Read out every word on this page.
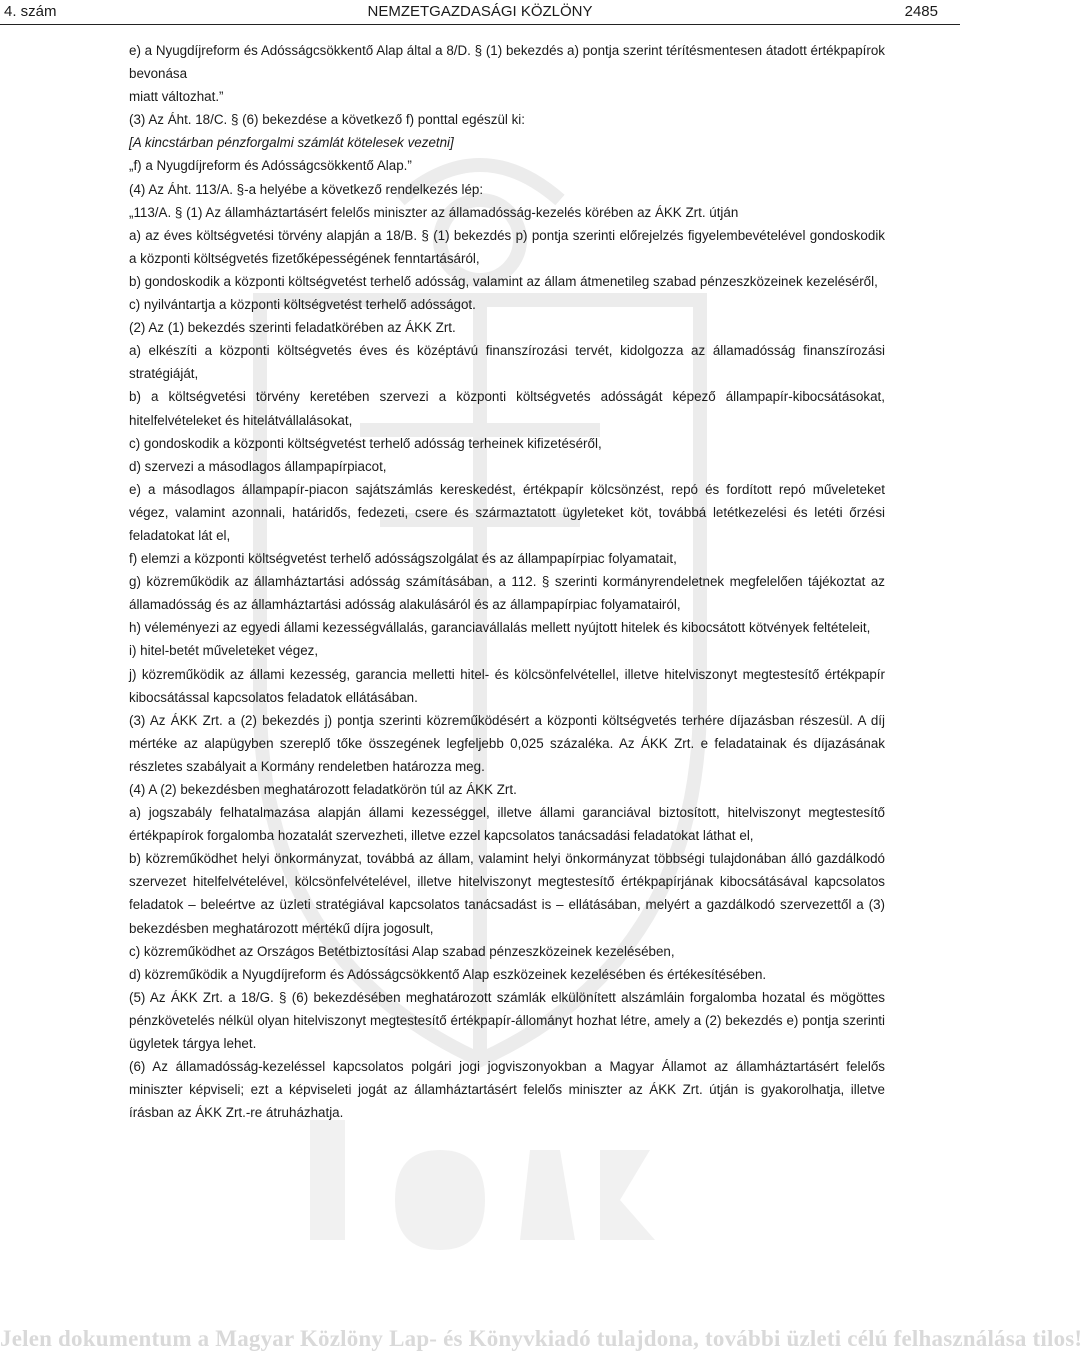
4. szám	NEMZETGAZDASÁGI KÖZLÖNY	2485

e) a Nyugdíjreform és Adósságcsökkentő Alap által a 8/D. § (1) bekezdés a) pontja szerint térítésmentesen átadott értékpapírok bevonása

miatt változhat.”

(3) Az Áht. 18/C. § (6) bekezdése a következő f) ponttal egészül ki:

[A kincstárban pénzforgalmi számlát kötelesek vezetni]

„f) a Nyugdíjreform és Adósságcsökkentő Alap.”

(4) Az Áht. 113/A. §-a helyébe a következő rendelkezés lép:

„113/A. § (1) Az államháztartásért felelős miniszter az államadósság-kezelés körében az ÁKK Zrt. útján

a) az éves költségvetési törvény alapján a 18/B. § (1) bekezdés p) pontja szerinti előrejelzés figyelembevételével gondoskodik a központi költségvetés fizetőképességének fenntartásáról,

b) gondoskodik a központi költségvetést terhelő adósság, valamint az állam átmenetileg szabad pénzeszközeinek kezeléséről,

c) nyilvántartja a központi költségvetést terhelő adósságot.

(2) Az (1) bekezdés szerinti feladatkörében az ÁKK Zrt.

a) elkészíti a központi költségvetés éves és középtávú finanszírozási tervét, kidolgozza az államadósság finanszírozási stratégiáját,

b) a költségvetési törvény keretében szervezi a központi költségvetés adósságát képező állampapír-kibocsátásokat, hitelfelvételeket és hitelátvállalásokat,

c) gondoskodik a központi költségvetést terhelő adósság terheinek kifizetéséről,

d) szervezi a másodlagos állampapírpiacot,

e) a másodlagos állampapír-piacon sajátszámlás kereskedést, értékpapír kölcsönzést, repó és fordított repó műveleteket végez, valamint azonnali, határidős, fedezeti, csere és származtatott ügyleteket köt, továbbá letétkezelési és letéti őrzési feladatokat lát el,

f) elemzi a központi költségvetést terhelő adósságszolgálat és az állampapírpiac folyamatait,

g) közreműködik az államháztartási adósság számításában, a 112. § szerinti kormányrendeletnek megfelelően tájékoztat az államadósság és az államháztartási adósság alakulásáról és az állampapírpiac folyamatairól,

h) véleményezi az egyedi állami kezességvállalás, garanciavállalás mellett nyújtott hitelek és kibocsátott kötvények feltételeit,

i) hitel-betét műveleteket végez,

j) közreműködik az állami kezesség, garancia melletti hitel- és kölcsönfelvétellel, illetve hitelviszonyt megtestesítő értékpapír kibocsátással kapcsolatos feladatok ellátásában.

(3) Az ÁKK Zrt. a (2) bekezdés j) pontja szerinti közreműködésért a központi költségvetés terhére díjazásban részesül. A díj mértéke az alapügyben szereplő tőke összegének legfeljebb 0,025 százaléka. Az ÁKK Zrt. e feladatainak és díjazásának részletes szabályait a Kormány rendeletben határozza meg.

(4) A (2) bekezdésben meghatározott feladatkörön túl az ÁKK Zrt.

a) jogszabály felhatalmazása alapján állami kezességgel, illetve állami garanciával biztosított, hitelviszonyt megtestesítő értékpapírok forgalomba hozatalát szervezheti, illetve ezzel kapcsolatos tanácsadási feladatokat láthat el,

b) közreműködhet helyi önkormányzat, továbbá az állam, valamint helyi önkormányzat többségi tulajdonában álló gazdálkodó szervezet hitelfelvételével, kölcsönfelvételével, illetve hitelviszonyt megtestesítő értékpapírjának kibocsátásával kapcsolatos feladatok – beleértve az üzleti stratégiával kapcsolatos tanácsadást is – ellátásában, melyért a gazdálkodó szervezettől a (3) bekezdésben meghatározott mértékű díjra jogosult,

c) közreműködhet az Országos Betétbiztosítási Alap szabad pénzeszközeinek kezelésében,

d) közreműködik a Nyugdíjreform és Adósságcsökkentő Alap eszközeinek kezelésében és értékesítésében.

(5) Az ÁKK Zrt. a 18/G. § (6) bekezdésében meghatározott számlák elkülönített alszámláin forgalomba hozatal és mögöttes pénzkövetelés nélkül olyan hitelviszonyt megtestesítő értékpapír-állományt hozhat létre, amely a (2) bekezdés e) pontja szerinti ügyletek tárgya lehet.

(6) Az államadósság-kezeléssel kapcsolatos polgári jogi jogviszonyokban a Magyar Államot az államháztartásért felelős miniszter képviseli; ezt a képviseleti jogát az államháztartásért felelős miniszter az ÁKK Zrt. útján is gyakorolhatja, illetve írásban az ÁKK Zrt.-re átruházhatja.

Jelen dokumentum a Magyar Közlöny Lap- és Könyvkiadó tulajdona, további üzleti célú felhasználása tilos!
